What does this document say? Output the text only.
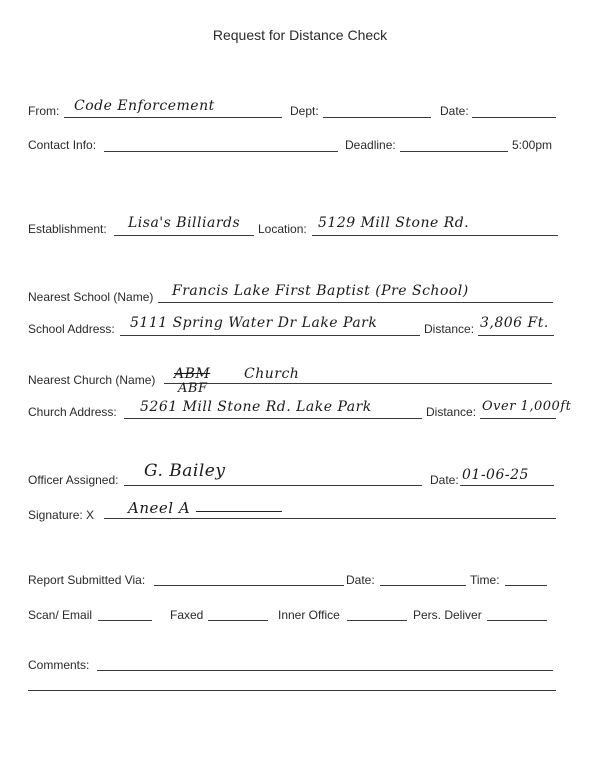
Request for Distance Check
From: Code Enforcement	Dept:	Date:
Contact Info:	Deadline:	5:00pm
Establishment: Lisa's Billiards Location: 5129 Mill Stone Rd.
Nearest School (Name) Francis Lake First Baptist (Pre School)
School Address: 5111 Spring Water Dr Lake Park	Distance: 3,806 Ft.
Nearest Church (Name) ABM
ABF
Church
Church Address: 5261 Mill Stone Rd. Lake Park	Distance: Over 1,000ft
Officer Assigned: G. Bailey	Date: 01-06-25
Signature: X Aneel A
Report Submitted Via:	Date:	Time:
Scan/ Email	Faxed	Inner Office	Pers. Deliver
Comments:
